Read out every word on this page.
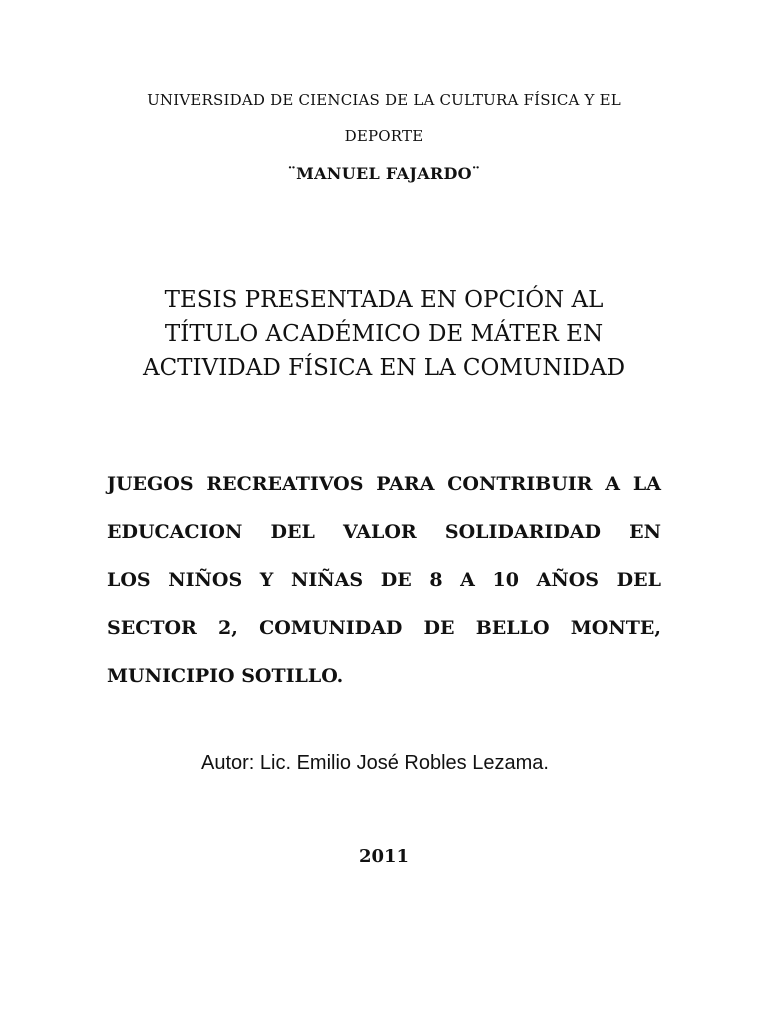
UNIVERSIDAD DE CIENCIAS DE LA CULTURA FÍSICA Y EL
DEPORTE
¨MANUEL FAJARDO¨
TESIS PRESENTADA EN OPCIÓN AL
TÍTULO ACADÉMICO DE MÁTER EN
ACTIVIDAD FÍSICA EN LA COMUNIDAD
JUEGOS RECREATIVOS PARA CONTRIBUIR A LA
EDUCACION DEL VALOR SOLIDARIDAD EN
LOS NIÑOS Y NIÑAS DE 8 A 10 AÑOS DEL
SECTOR 2, COMUNIDAD DE BELLO MONTE,
MUNICIPIO SOTILLO.
Autor: Lic. Emilio José Robles Lezama.
2011
